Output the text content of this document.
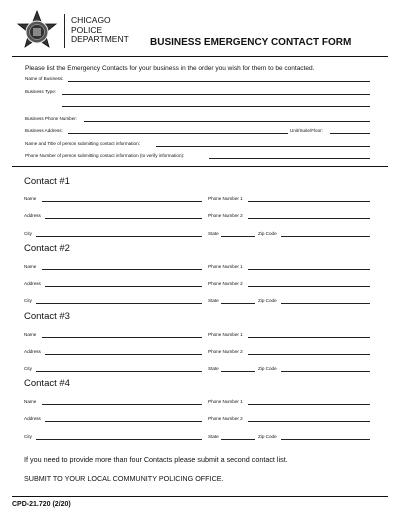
CHICAGO
POLICE
DEPARTMENT BUSINESS EMERGENCY CONTACT FORM
Please list the Emergency Contacts for your business in the order you wish for them to be contacted.
Name of Business:
Business Type:
Business Phone Number:
Business Address:	Unit/Suite/Floor:
Name and Title of person submitting contact information:
Phone Number of person submitting contact information (to verify information):
Contact #1
Name	Phone Number 1
Address	Phone Number 2
City	State	Zip Code
Contact #2
Name	Phone Number 1
Address	Phone Number 2
City	State	Zip Code
Contact #3
Name	Phone Number 1
Address	Phone Number 2
City	State	Zip Code
Contact #4
Name	Phone Number 1
Address	Phone Number 2
City	State	Zip Code
If you need to provide more than four Contacts please submit a second contact list.
SUBMIT TO YOUR LOCAL COMMUNITY POLICING OFFICE.
CPD-21.720 (2/20)
